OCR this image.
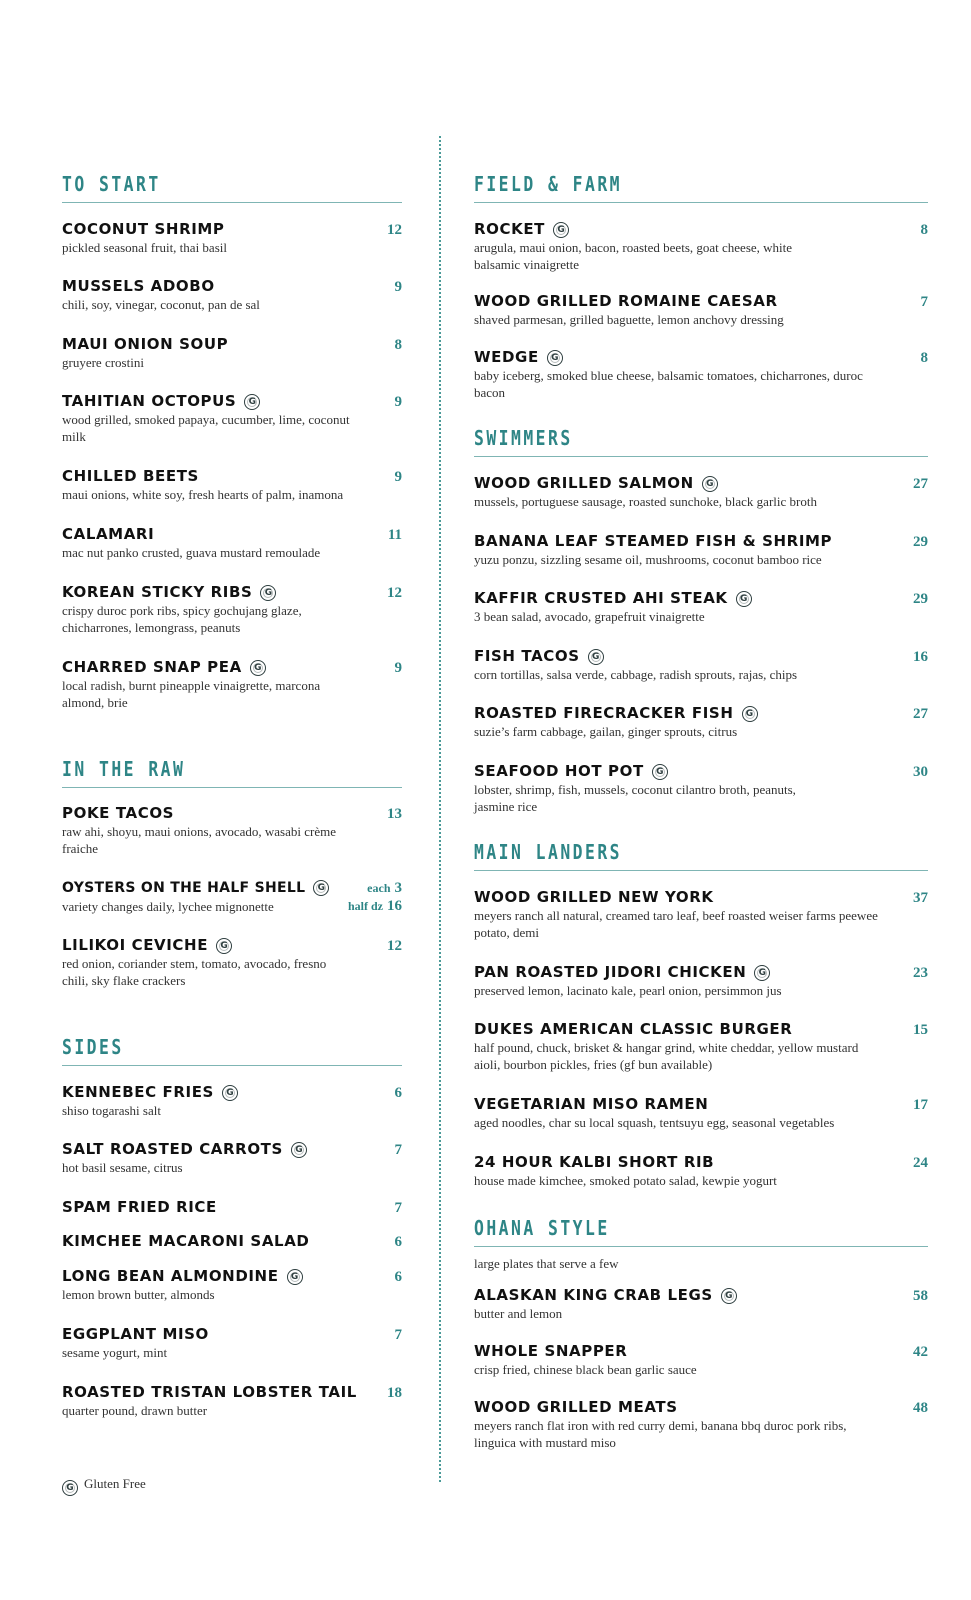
TO START
COCONUT SHRIMP	12
pickled seasonal fruit, thai basil
MUSSELS ADOBO	9
chili, soy, vinegar, coconut, pan de sal
MAUI ONION SOUP	8
gruyere crostini
TAHITIAN OCTOPUS G	9
wood grilled, smoked papaya, cucumber, lime, coconut milk
CHILLED BEETS	9
maui onions, white soy, fresh hearts of palm, inamona
CALAMARI	11
mac nut panko crusted, guava mustard remoulade
KOREAN STICKY RIBS G	12
crispy duroc pork ribs, spicy gochujang glaze, chicharrones, lemongrass, peanuts
CHARRED SNAP PEA G	9
local radish, burnt pineapple vinaigrette, marcona almond, brie
IN THE RAW
POKE TACOS	13
raw ahi, shoyu, maui onions, avocado, wasabi crème fraiche
OYSTERS ON THE HALF SHELL G	each 3
half dz 16
variety changes daily, lychee mignonette
LILIKOI CEVICHE G	12
red onion, coriander stem, tomato, avocado, fresno chili, sky flake crackers
SIDES
KENNEBEC FRIES G	6
shiso togarashi salt
SALT ROASTED CARROTS G	7
hot basil sesame, citrus
SPAM FRIED RICE	7
KIMCHEE MACARONI SALAD	6
LONG BEAN ALMONDINE G	6
lemon brown butter, almonds
EGGPLANT MISO	7
sesame yogurt, mint
ROASTED TRISTAN LOBSTER TAIL 18
quarter pound, drawn butter
FIELD & FARM
ROCKET G	8
arugula, maui onion, bacon, roasted beets, goat cheese, white balsamic vinaigrette
WOOD GRILLED ROMAINE CAESAR	7
shaved parmesan, grilled baguette, lemon anchovy dressing
WEDGE G	8
baby iceberg, smoked blue cheese, balsamic tomatoes, chicharrones, duroc bacon
SWIMMERS
WOOD GRILLED SALMON G	27
mussels, portuguese sausage, roasted sunchoke, black garlic broth
BANANA LEAF STEAMED FISH & SHRIMP	29
yuzu ponzu, sizzling sesame oil, mushrooms, coconut bamboo rice
KAFFIR CRUSTED AHI STEAK G	29
3 bean salad, avocado, grapefruit vinaigrette
FISH TACOS G	16
corn tortillas, salsa verde, cabbage, radish sprouts, rajas, chips
ROASTED FIRECRACKER FISH G	27
suzie’s farm cabbage, gailan, ginger sprouts, citrus
SEAFOOD HOT POT G	30
lobster, shrimp, fish, mussels, coconut cilantro broth, peanuts, jasmine rice
MAIN LANDERS
WOOD GRILLED NEW YORK	37
meyers ranch all natural, creamed taro leaf, beef roasted weiser farms peewee potato, demi
PAN ROASTED JIDORI CHICKEN G	23
preserved lemon, lacinato kale, pearl onion, persimmon jus
DUKES AMERICAN CLASSIC BURGER	15
half pound, chuck, brisket & hangar grind, white cheddar, yellow mustard aioli, bourbon pickles, fries (gf bun available)
VEGETARIAN MISO RAMEN	17
aged noodles, char su local squash, tentsuyu egg, seasonal vegetables
24 HOUR KALBI SHORT RIB	24
house made kimchee, smoked potato salad, kewpie yogurt
OHANA STYLE
large plates that serve a few
ALASKAN KING CRAB LEGS G	58
butter and lemon
WHOLE SNAPPER	42
crisp fried, chinese black bean garlic sauce
WOOD GRILLED MEATS	48
meyers ranch flat iron with red curry demi, banana bbq duroc pork ribs, linguica with mustard miso
G Gluten Free
